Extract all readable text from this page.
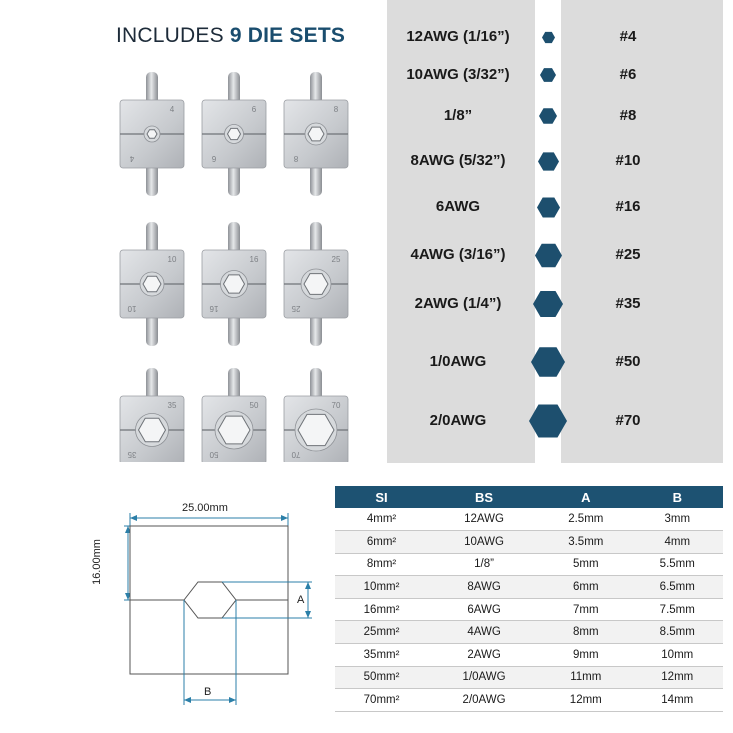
INCLUDES 9 DIE SETS
4
4
6
6
8
8
10
10
16
16
25
25
35
35
50
50
70
70
12AWG (1/16”)	#4
10AWG (3/32”)	#6
1/8”	#8
8AWG (5/32”)	#10
6AWG	#16
4AWG (3/16”)	#25
2AWG (1/4”)	#35
1/0AWG	#50
2/0AWG	#70
25.00mm
16.00mm
A
B
SI	BS	A	B
4mm²	12AWG	2.5mm	3mm
6mm²	10AWG	3.5mm	4mm
8mm²	1/8”	5mm	5.5mm
10mm²	8AWG	6mm	6.5mm
16mm²	6AWG	7mm	7.5mm
25mm²	4AWG	8mm	8.5mm
35mm²	2AWG	9mm	10mm
50mm²	1/0AWG	11mm	12mm
70mm²	2/0AWG	12mm	14mm
